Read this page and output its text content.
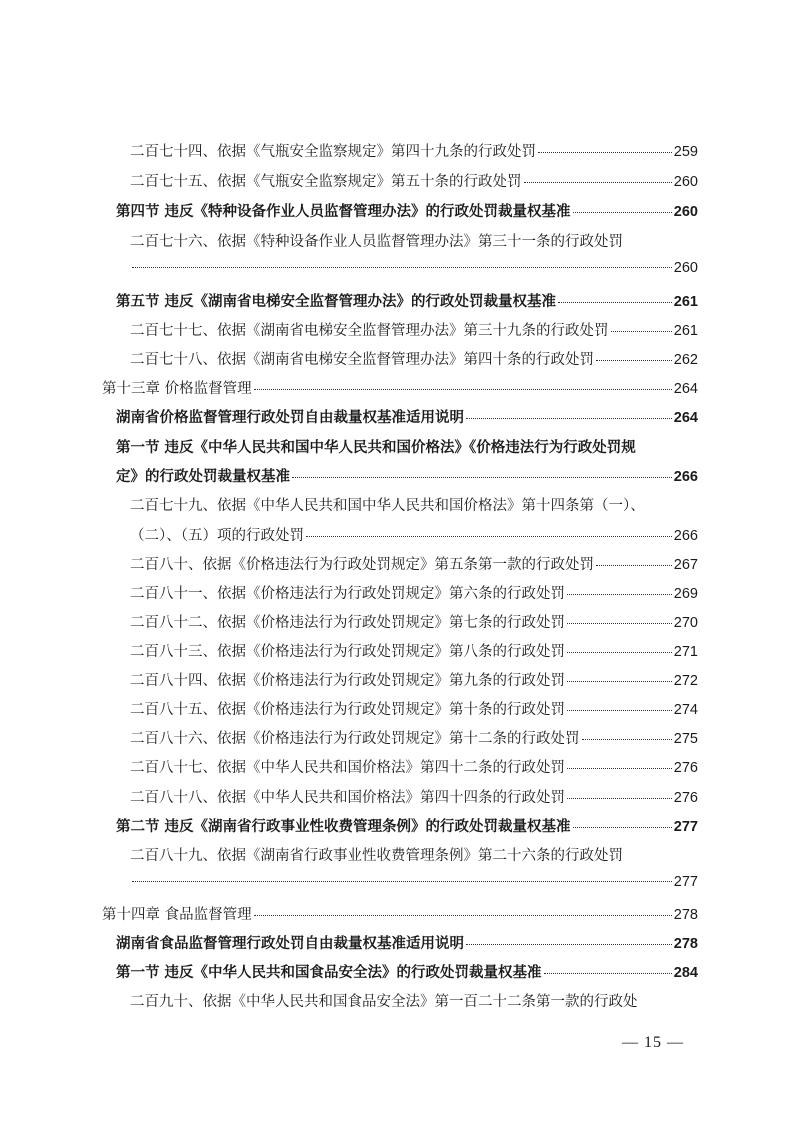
二百七十四、依据《气瓶安全监察规定》第四十九条的行政处罚	259
二百七十五、依据《气瓶安全监察规定》第五十条的行政处罚	260
第四节 违反《特种设备作业人员监督管理办法》的行政处罚裁量权基准	260
二百七十六、依据《特种设备作业人员监督管理办法》第三十一条的行政处罚
260
第五节 违反《湖南省电梯安全监督管理办法》的行政处罚裁量权基准	261
二百七十七、依据《湖南省电梯安全监督管理办法》第三十九条的行政处罚	261
二百七十八、依据《湖南省电梯安全监督管理办法》第四十条的行政处罚	262
第十三章 价格监督管理	264
湖南省价格监督管理行政处罚自由裁量权基准适用说明	264
第一节 违反《中华人民共和国中华人民共和国价格法》《价格违法行为行政处罚规
定》的行政处罚裁量权基准	266
二百七十九、依据《中华人民共和国中华人民共和国价格法》第十四条第（一）、
（二）、（五）项的行政处罚	266
二百八十、依据《价格违法行为行政处罚规定》第五条第一款的行政处罚	267
二百八十一、依据《价格违法行为行政处罚规定》第六条的行政处罚	269
二百八十二、依据《价格违法行为行政处罚规定》第七条的行政处罚	270
二百八十三、依据《价格违法行为行政处罚规定》第八条的行政处罚	271
二百八十四、依据《价格违法行为行政处罚规定》第九条的行政处罚	272
二百八十五、依据《价格违法行为行政处罚规定》第十条的行政处罚	274
二百八十六、依据《价格违法行为行政处罚规定》第十二条的行政处罚	275
二百八十七、依据《中华人民共和国价格法》第四十二条的行政处罚	276
二百八十八、依据《中华人民共和国价格法》第四十四条的行政处罚	276
第二节 违反《湖南省行政事业性收费管理条例》的行政处罚裁量权基准	277
二百八十九、依据《湖南省行政事业性收费管理条例》第二十六条的行政处罚
277
第十四章 食品监督管理	278
湖南省食品监督管理行政处罚自由裁量权基准适用说明	278
第一节 违反《中华人民共和国食品安全法》的行政处罚裁量权基准	284
二百九十、依据《中华人民共和国食品安全法》第一百二十二条第一款的行政处
— 15 —
